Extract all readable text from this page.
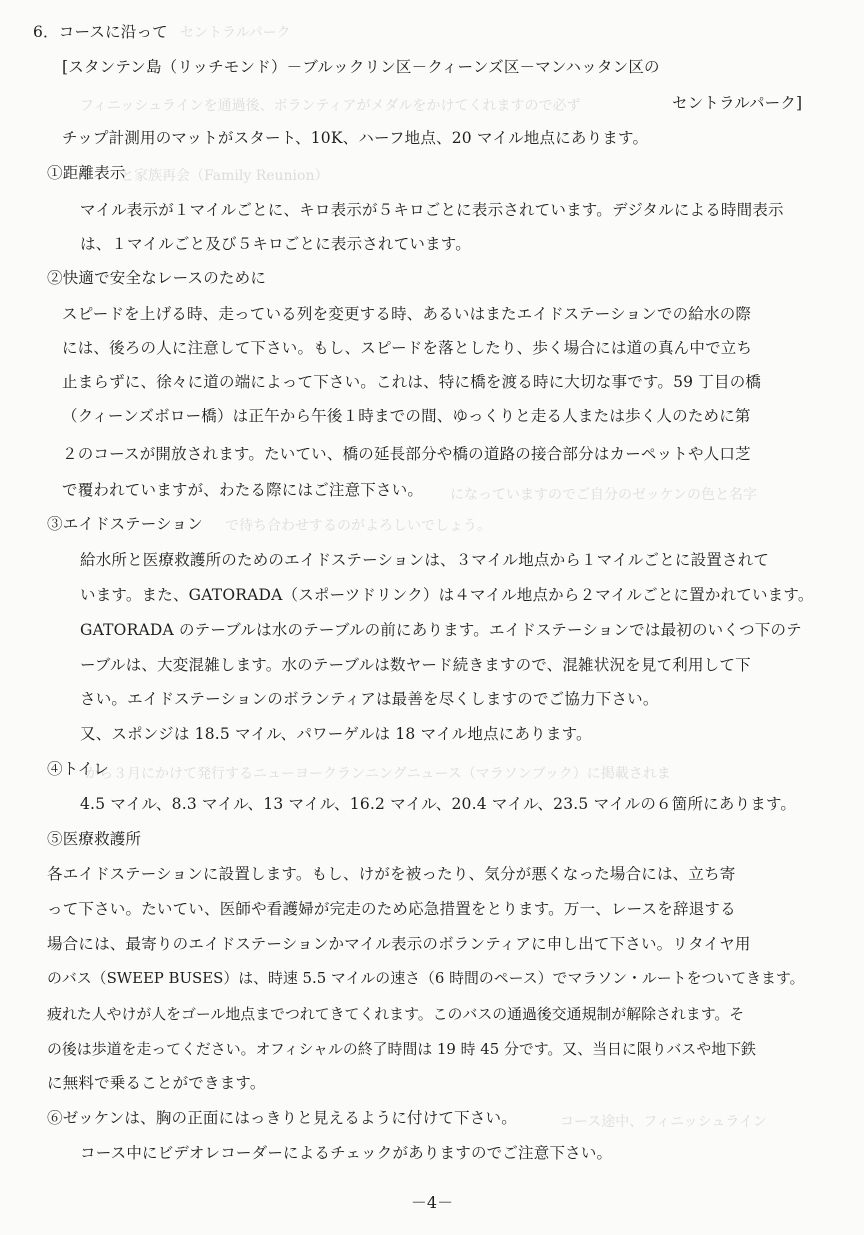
セントラルパーク
フィニッシュラインを通過後、ボランティアがメダルをかけてくれますので必ず
と家族再会（Family Reunion）
になっていますのでご自分のゼッケンの色と名字
で待ち合わせするのがよろしいでしょう。
から３月にかけて発行するニューヨークランニングニュース（マラソンブック）に掲載されま
コース途中、フィニッシュライン
6．コースに沿って
[スタンテン島（リッチモンド）－ブルックリン区－クィーンズ区－マンハッタン区の
セントラルパーク]
チップ計測用のマットがスタート、10K、ハーフ地点、20 マイル地点にあります。
①距離表示
マイル表示が１マイルごとに、キロ表示が５キロごとに表示されています。デジタルによる時間表示
は、１マイルごと及び５キロごとに表示されています。
②快適で安全なレースのために
スピードを上げる時、走っている列を変更する時、あるいはまたエイドステーションでの給水の際
には、後ろの人に注意して下さい。もし、スピードを落としたり、歩く場合には道の真ん中で立ち
止まらずに、徐々に道の端によって下さい。これは、特に橋を渡る時に大切な事です。59 丁目の橋
（クィーンズボロー橋）は正午から午後１時までの間、ゆっくりと走る人または歩く人のために第
２のコースが開放されます。たいてい、橋の延長部分や橋の道路の接合部分はカーペットや人口芝
で覆われていますが、わたる際にはご注意下さい。
③エイドステーション
給水所と医療救護所のためのエイドステーションは、３マイル地点から１マイルごとに設置されて
います。また、GATORADA（スポーツドリンク）は４マイル地点から２マイルごとに置かれています。
GATORADA のテーブルは水のテーブルの前にあります。エイドステーションでは最初のいくつ下のテ
ーブルは、大変混雑します。水のテーブルは数ヤード続きますので、混雑状況を見て利用して下
さい。エイドステーションのボランティアは最善を尽くしますのでご協力下さい。
又、スポンジは 18.5 マイル、パワーゲルは 18 マイル地点にあります。
④トイレ
4.5 マイル、8.3 マイル、13 マイル、16.2 マイル、20.4 マイル、23.5 マイルの６箇所にあります。
⑤医療救護所
各エイドステーションに設置します。もし、けがを被ったり、気分が悪くなった場合には、立ち寄
って下さい。たいてい、医師や看護婦が完走のため応急措置をとります。万一、レースを辞退する
場合には、最寄りのエイドステーションかマイル表示のボランティアに申し出て下さい。リタイヤ用
のバス（SWEEP BUSES）は、時速 5.5 マイルの速さ（6 時間のペース）でマラソン・ルートをついてきます。
疲れた人やけが人をゴール地点までつれてきてくれます。このバスの通過後交通規制が解除されます。そ
の後は歩道を走ってください。オフィシャルの終了時間は 19 時 45 分です。又、当日に限りバスや地下鉄
に無料で乗ることができます。
⑥ゼッケンは、胸の正面にはっきりと見えるように付けて下さい。
コース中にビデオレコーダーによるチェックがありますのでご注意下さい。
－4－
